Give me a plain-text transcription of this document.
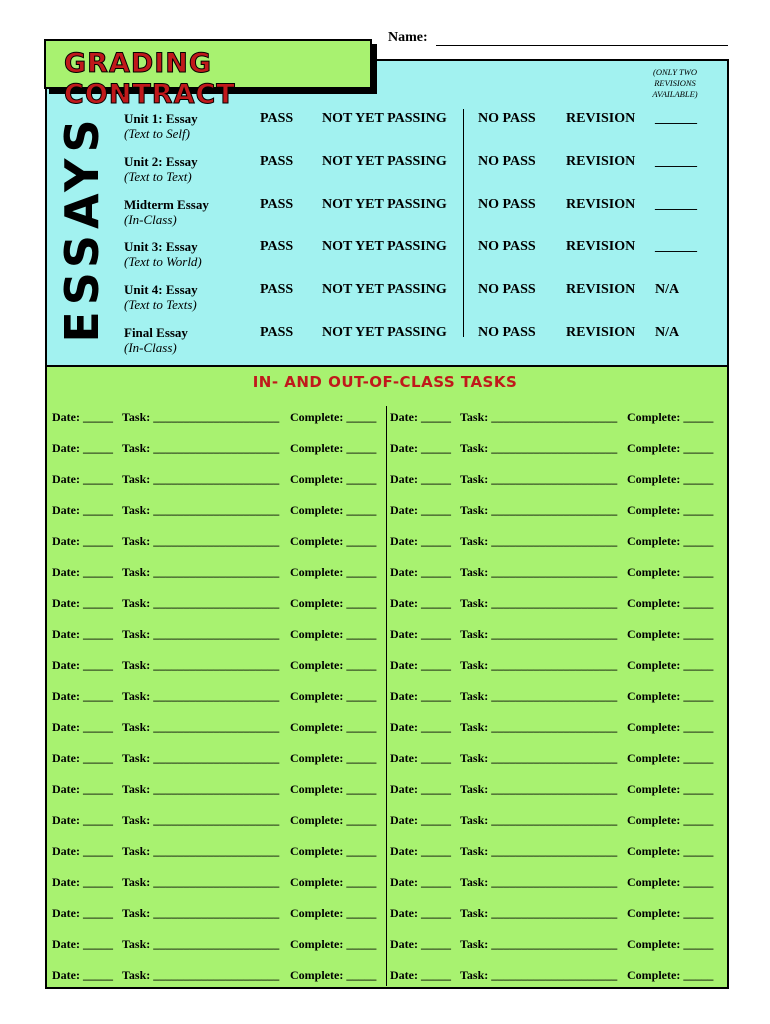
Name:
GRADING CONTRACT
ESSAYS
(ONLY TWO
REVISIONS
AVAILABLE)
Unit 1: Essay
(Text to Self)
PASS NOT YET PASSING NO PASS REVISION ______
Unit 2: Essay
(Text to Text)
PASS NOT YET PASSING NO PASS REVISION ______
Midterm Essay
(In-Class)
PASS NOT YET PASSING NO PASS REVISION ______
Unit 3: Essay
(Text to World)
PASS NOT YET PASSING NO PASS REVISION ______
Unit 4: Essay
(Text to Texts)
PASS NOT YET PASSING NO PASS REVISION N/A
Final Essay
(In-Class)
PASS NOT YET PASSING NO PASS REVISION N/A
IN- AND OUT-OF-CLASS TASKS
Date: _____ Task: _____________________ Complete: _____ Date: _____ Task: _____________________ Complete: _____
Date: _____ Task: _____________________ Complete: _____ Date: _____ Task: _____________________ Complete: _____
Date: _____ Task: _____________________ Complete: _____ Date: _____ Task: _____________________ Complete: _____
Date: _____ Task: _____________________ Complete: _____ Date: _____ Task: _____________________ Complete: _____
Date: _____ Task: _____________________ Complete: _____ Date: _____ Task: _____________________ Complete: _____
Date: _____ Task: _____________________ Complete: _____ Date: _____ Task: _____________________ Complete: _____
Date: _____ Task: _____________________ Complete: _____ Date: _____ Task: _____________________ Complete: _____
Date: _____ Task: _____________________ Complete: _____ Date: _____ Task: _____________________ Complete: _____
Date: _____ Task: _____________________ Complete: _____ Date: _____ Task: _____________________ Complete: _____
Date: _____ Task: _____________________ Complete: _____ Date: _____ Task: _____________________ Complete: _____
Date: _____ Task: _____________________ Complete: _____ Date: _____ Task: _____________________ Complete: _____
Date: _____ Task: _____________________ Complete: _____ Date: _____ Task: _____________________ Complete: _____
Date: _____ Task: _____________________ Complete: _____ Date: _____ Task: _____________________ Complete: _____
Date: _____ Task: _____________________ Complete: _____ Date: _____ Task: _____________________ Complete: _____
Date: _____ Task: _____________________ Complete: _____ Date: _____ Task: _____________________ Complete: _____
Date: _____ Task: _____________________ Complete: _____ Date: _____ Task: _____________________ Complete: _____
Date: _____ Task: _____________________ Complete: _____ Date: _____ Task: _____________________ Complete: _____
Date: _____ Task: _____________________ Complete: _____ Date: _____ Task: _____________________ Complete: _____
Date: _____ Task: _____________________ Complete: _____ Date: _____ Task: _____________________ Complete: _____
